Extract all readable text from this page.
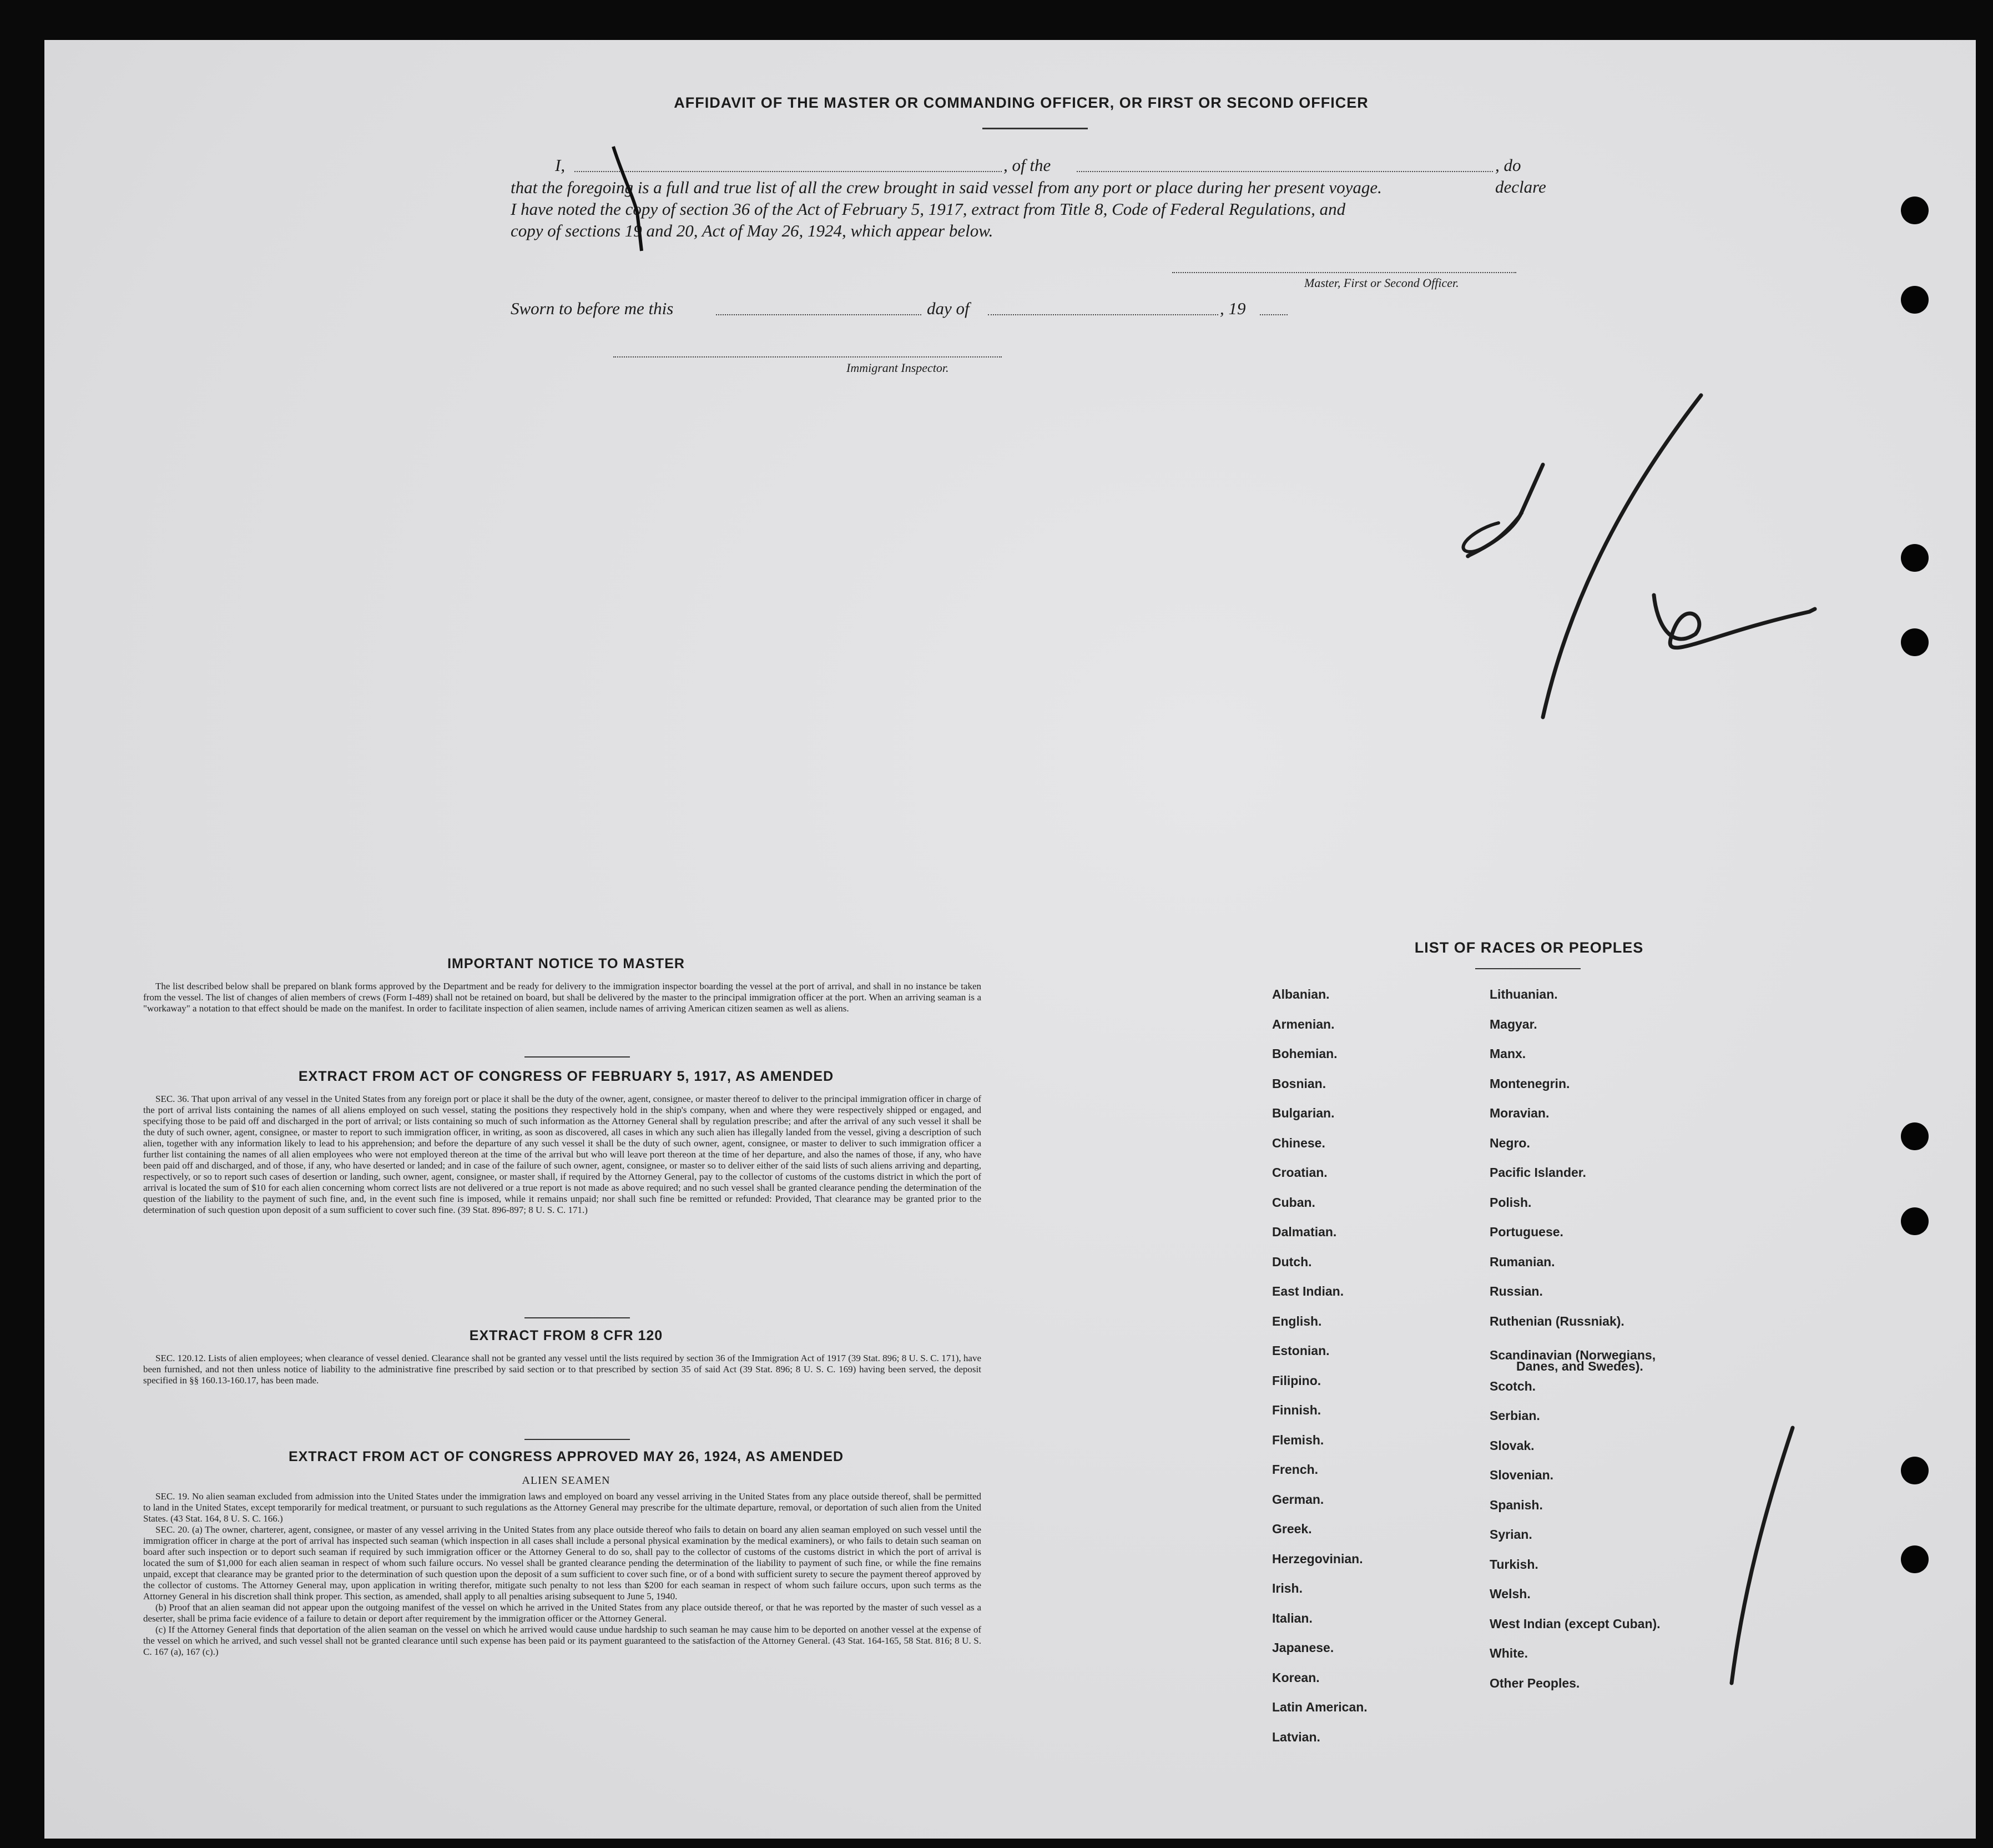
AFFIDAVIT OF THE MASTER OR COMMANDING OFFICER, OR FIRST OR SECOND OFFICER
I,	, of the	, do declare
that the foregoing is a full and true list of all the crew brought in said vessel from any port or place during her present voyage.
I have noted the copy of section 36 of the Act of February 5, 1917, extract from Title 8, Code of Federal Regulations, and
copy of sections 19 and 20, Act of May 26, 1924, which appear below.
Master, First or Second Officer.
Sworn to before me this	day of	, 19
Immigrant Inspector.
IMPORTANT NOTICE TO MASTER

The list described below shall be prepared on blank forms approved by the Department and be ready for delivery to the immigration inspector boarding the vessel at the port of arrival, and shall in no instance be taken from the vessel. The list of changes of alien members of crews (Form I-489) shall not be retained on board, but shall be delivered by the master to the principal immigration officer at the port. When an arriving seaman is a "workaway" a notation to that effect should be made on the manifest. In order to facilitate inspection of alien seamen, include names of arriving American citizen seamen as well as aliens.

EXTRACT FROM ACT OF CONGRESS OF FEBRUARY 5, 1917, AS AMENDED

SEC. 36. That upon arrival of any vessel in the United States from any foreign port or place it shall be the duty of the owner, agent, consignee, or master thereof to deliver to the principal immigration officer in charge of the port of arrival lists containing the names of all aliens employed on such vessel, stating the positions they respectively hold in the ship's company, when and where they were respectively shipped or engaged, and specifying those to be paid off and discharged in the port of arrival; or lists containing so much of such information as the Attorney General shall by regulation prescribe; and after the arrival of any such vessel it shall be the duty of such owner, agent, consignee, or master to report to such immigration officer, in writing, as soon as discovered, all cases in which any such alien has illegally landed from the vessel, giving a description of such alien, together with any information likely to lead to his apprehension; and before the departure of any such vessel it shall be the duty of such owner, agent, consignee, or master to deliver to such immigration officer a further list containing the names of all alien employees who were not employed thereon at the time of the arrival but who will leave port thereon at the time of her departure, and also the names of those, if any, who have been paid off and discharged, and of those, if any, who have deserted or landed; and in case of the failure of such owner, agent, consignee, or master so to deliver either of the said lists of such aliens arriving and departing, respectively, or so to report such cases of desertion or landing, such owner, agent, consignee, or master shall, if required by the Attorney General, pay to the collector of customs of the customs district in which the port of arrival is located the sum of $10 for each alien concerning whom correct lists are not delivered or a true report is not made as above required; and no such vessel shall be granted clearance pending the determination of the question of the liability to the payment of such fine, and, in the event such fine is imposed, while it remains unpaid; nor shall such fine be remitted or refunded: Provided, That clearance may be granted prior to the determination of such question upon deposit of a sum sufficient to cover such fine. (39 Stat. 896-897; 8 U. S. C. 171.)

EXTRACT FROM 8 CFR 120

SEC. 120.12. Lists of alien employees; when clearance of vessel denied. Clearance shall not be granted any vessel until the lists required by section 36 of the Immigration Act of 1917 (39 Stat. 896; 8 U. S. C. 171), have been furnished, and not then unless notice of liability to the administrative fine prescribed by said section or to that prescribed by section 35 of said Act (39 Stat. 896; 8 U. S. C. 169) having been served, the deposit specified in §§ 160.13-160.17, has been made.

EXTRACT FROM ACT OF CONGRESS APPROVED MAY 26, 1924, AS AMENDED
ALIEN SEAMEN

SEC. 19. No alien seaman excluded from admission into the United States under the immigration laws and employed on board any vessel arriving in the United States from any place outside thereof, shall be permitted to land in the United States, except temporarily for medical treatment, or pursuant to such regulations as the Attorney General may prescribe for the ultimate departure, removal, or deportation of such alien from the United States. (43 Stat. 164, 8 U. S. C. 166.)

SEC. 20. (a) The owner, charterer, agent, consignee, or master of any vessel arriving in the United States from any place outside thereof who fails to detain on board any alien seaman employed on such vessel until the immigration officer in charge at the port of arrival has inspected such seaman (which inspection in all cases shall include a personal physical examination by the medical examiners), or who fails to detain such seaman on board after such inspection or to deport such seaman if required by such immigration officer or the Attorney General to do so, shall pay to the collector of customs of the customs district in which the port of arrival is located the sum of $1,000 for each alien seaman in respect of whom such failure occurs. No vessel shall be granted clearance pending the determination of the liability to payment of such fine, or while the fine remains unpaid, except that clearance may be granted prior to the determination of such question upon the deposit of a sum sufficient to cover such fine, or of a bond with sufficient surety to secure the payment thereof approved by the collector of customs. The Attorney General may, upon application in writing therefor, mitigate such penalty to not less than $200 for each seaman in respect of whom such failure occurs, upon such terms as the Attorney General in his discretion shall think proper. This section, as amended, shall apply to all penalties arising subsequent to June 5, 1940.

(b) Proof that an alien seaman did not appear upon the outgoing manifest of the vessel on which he arrived in the United States from any place outside thereof, or that he was reported by the master of such vessel as a deserter, shall be prima facie evidence of a failure to detain or deport after requirement by the immigration officer or the Attorney General.

(c) If the Attorney General finds that deportation of the alien seaman on the vessel on which he arrived would cause undue hardship to such seaman he may cause him to be deported on another vessel at the expense of the vessel on which he arrived, and such vessel shall not be granted clearance until such expense has been paid or its payment guaranteed to the satisfaction of the Attorney General. (43 Stat. 164-165, 58 Stat. 816; 8 U. S. C. 167 (a), 167 (c).)

LIST OF RACES OR PEOPLES
Albanian.
Armenian.
Bohemian.
Bosnian.
Bulgarian.
Chinese.
Croatian.
Cuban.
Dalmatian.
Dutch.
East Indian.
English.
Estonian.
Filipino.
Finnish.
Flemish.
French.
German.
Greek.
Herzegovinian.
Irish.
Italian.
Japanese.
Korean.
Latin American.
Latvian.
Lithuanian.
Magyar.
Manx.
Montenegrin.
Moravian.
Negro.
Pacific Islander.
Polish.
Portuguese.
Rumanian.
Russian.
Ruthenian (Russniak).
Scandinavian (Norwegians,
Danes, and Swedes).
Scotch.
Serbian.
Slovak.
Slovenian.
Spanish.
Syrian.
Turkish.
Welsh.
West Indian (except Cuban).
White.
Other Peoples.
